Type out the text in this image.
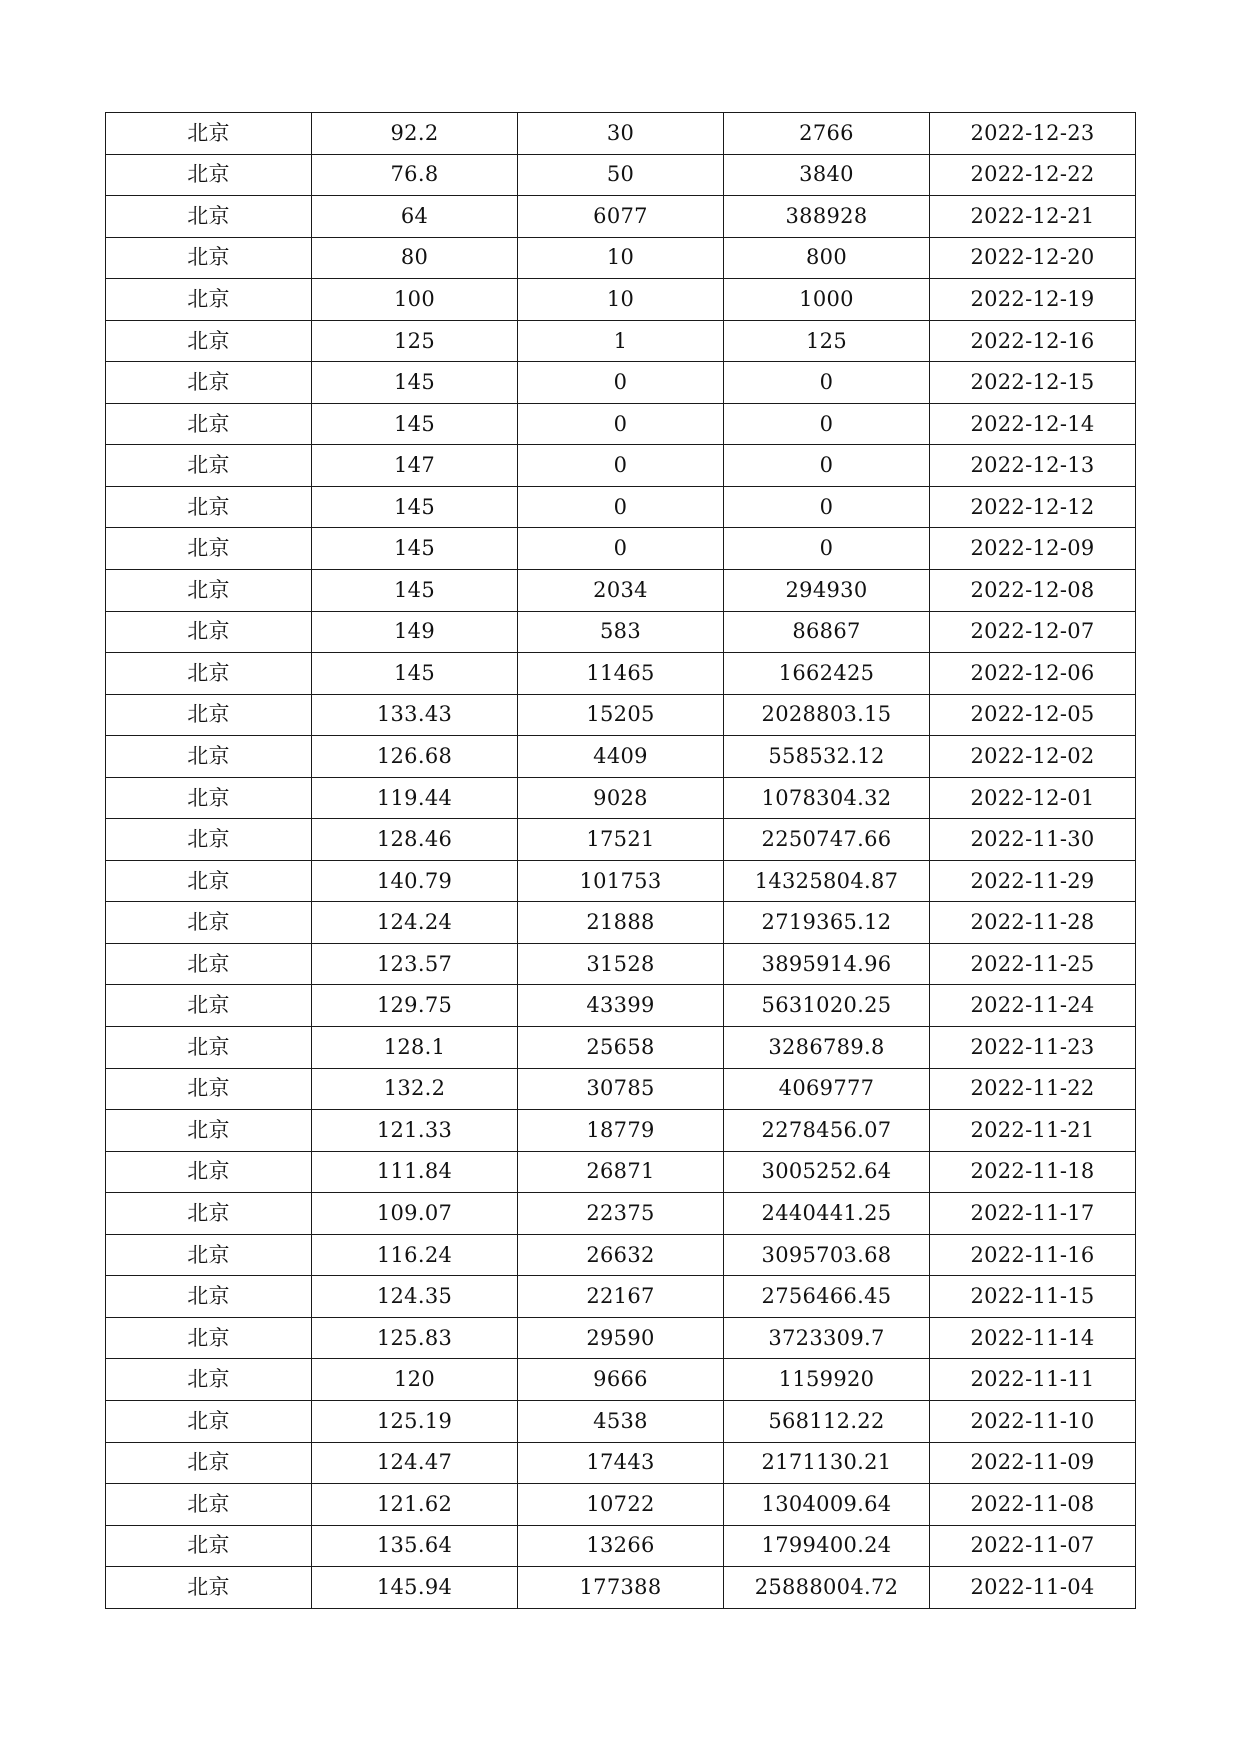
北京	92.2	30	2766	2022-12-23
北京	76.8	50	3840	2022-12-22
北京	64	6077	388928	2022-12-21
北京	80	10	800	2022-12-20
北京	100	10	1000	2022-12-19
北京	125	1	125	2022-12-16
北京	145	0	0	2022-12-15
北京	145	0	0	2022-12-14
北京	147	0	0	2022-12-13
北京	145	0	0	2022-12-12
北京	145	0	0	2022-12-09
北京	145	2034	294930	2022-12-08
北京	149	583	86867	2022-12-07
北京	145	11465	1662425	2022-12-06
北京	133.43	15205	2028803.15	2022-12-05
北京	126.68	4409	558532.12	2022-12-02
北京	119.44	9028	1078304.32	2022-12-01
北京	128.46	17521	2250747.66	2022-11-30
北京	140.79	101753	14325804.87	2022-11-29
北京	124.24	21888	2719365.12	2022-11-28
北京	123.57	31528	3895914.96	2022-11-25
北京	129.75	43399	5631020.25	2022-11-24
北京	128.1	25658	3286789.8	2022-11-23
北京	132.2	30785	4069777	2022-11-22
北京	121.33	18779	2278456.07	2022-11-21
北京	111.84	26871	3005252.64	2022-11-18
北京	109.07	22375	2440441.25	2022-11-17
北京	116.24	26632	3095703.68	2022-11-16
北京	124.35	22167	2756466.45	2022-11-15
北京	125.83	29590	3723309.7	2022-11-14
北京	120	9666	1159920	2022-11-11
北京	125.19	4538	568112.22	2022-11-10
北京	124.47	17443	2171130.21	2022-11-09
北京	121.62	10722	1304009.64	2022-11-08
北京	135.64	13266	1799400.24	2022-11-07
北京	145.94	177388	25888004.72	2022-11-04
